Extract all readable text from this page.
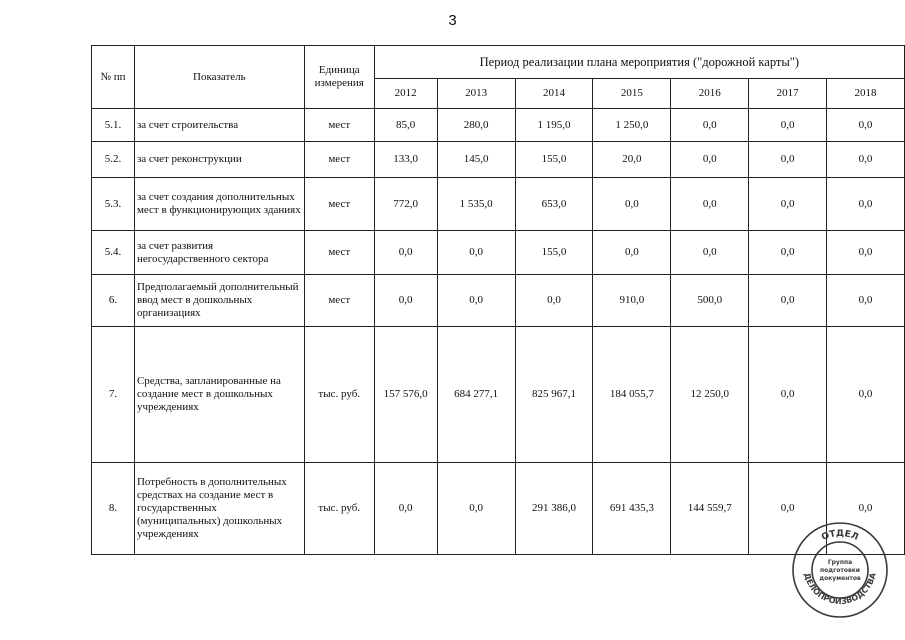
3
№ пп	Показатель	Единица измерения	Период реализации плана мероприятия ("дорожной карты")						
			2012	2013	2014	2015	2016	2017	2018
5.1.	за счет строительства	мест	85,0	280,0	1 195,0	1 250,0	0,0	0,0	0,0
5.2.	за счет реконструкции	мест	133,0	145,0	155,0	20,0	0,0	0,0	0,0
5.3.	за счет создания дополнительных мест в функционирующих зданиях	мест	772,0	1 535,0	653,0	0,0	0,0	0,0	0,0
5.4.	за счет развития негосударственного сектора	мест	0,0	0,0	155,0	0,0	0,0	0,0	0,0
6.	Предполагаемый дополнительный ввод мест в дошкольных организациях	мест	0,0	0,0	0,0	910,0	500,0	0,0	0,0
7.	Средства, запланированные на создание мест в дошкольных учреждениях	тыс. руб.	157 576,0	684 277,1	825 967,1	184 055,7	12 250,0	0,0	0,0
8.	Потребность в дополнительных средствах на создание мест в государственных (муниципальных) дошкольных учреждениях	тыс. руб.	0,0	0,0	291 386,0	691 435,3	144 559,7	0,0	0,0
ОТДЕЛ
ДЕЛОПРОИЗВОДСТВА
Группа
подготовки
документов
